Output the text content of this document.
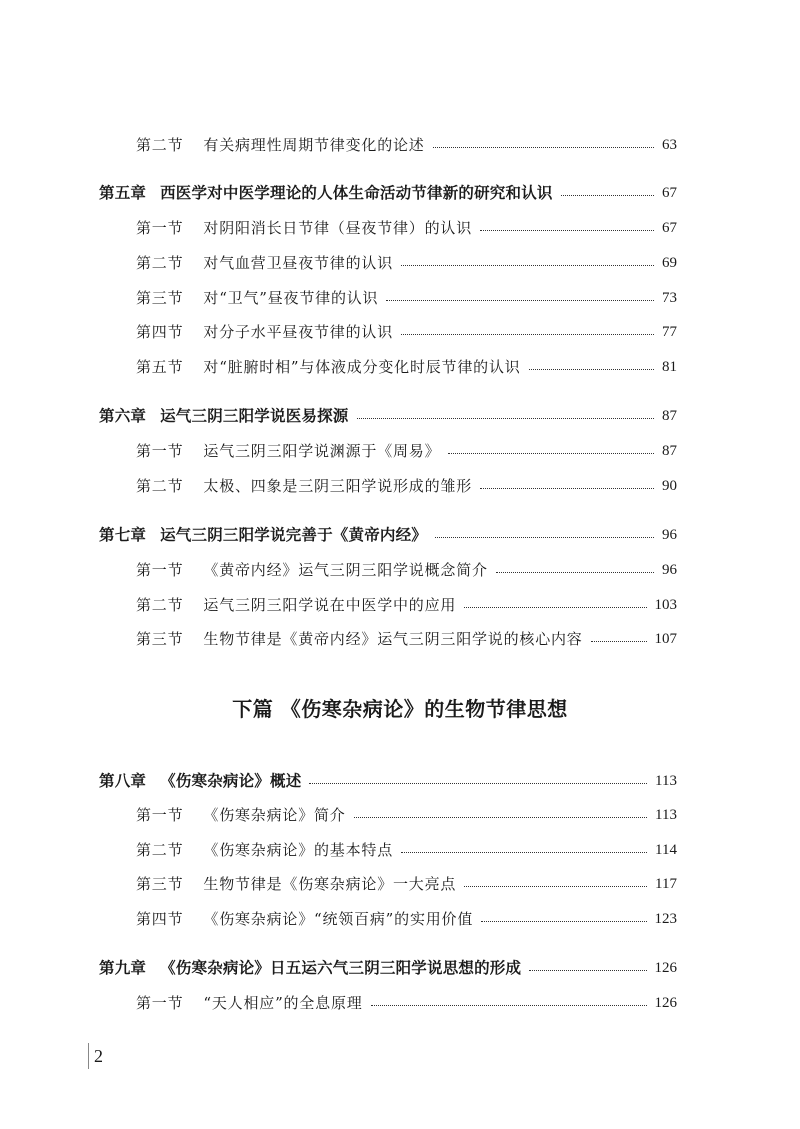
第二节 有关病理性周期节律变化的论述	63
第五章 西医学对中医学理论的人体生命活动节律新的研究和认识	67
第一节 对阴阳消长日节律（昼夜节律）的认识	67
第二节 对气血营卫昼夜节律的认识	69
第三节 对“卫气”昼夜节律的认识	73
第四节 对分子水平昼夜节律的认识	77
第五节 对“脏腑时相”与体液成分变化时辰节律的认识	81
第六章 运气三阴三阳学说医易探源	87
第一节 运气三阴三阳学说渊源于《周易》	87
第二节 太极、四象是三阴三阳学说形成的雏形	90
第七章 运气三阴三阳学说完善于《黄帝内经》	96
第一节 《黄帝内经》运气三阴三阳学说概念简介	96
第二节 运气三阴三阳学说在中医学中的应用	103
第三节 生物节律是《黄帝内经》运气三阴三阳学说的核心内容	107
下篇 《伤寒杂病论》的生物节律思想
第八章 《伤寒杂病论》概述	113
第一节 《伤寒杂病论》简介	113
第二节 《伤寒杂病论》的基本特点	114
第三节 生物节律是《伤寒杂病论》一大亮点	117
第四节 《伤寒杂病论》“统领百病”的实用价值	123
第九章 《伤寒杂病论》日五运六气三阴三阳学说思想的形成	126
第一节 “天人相应”的全息原理	126
2
